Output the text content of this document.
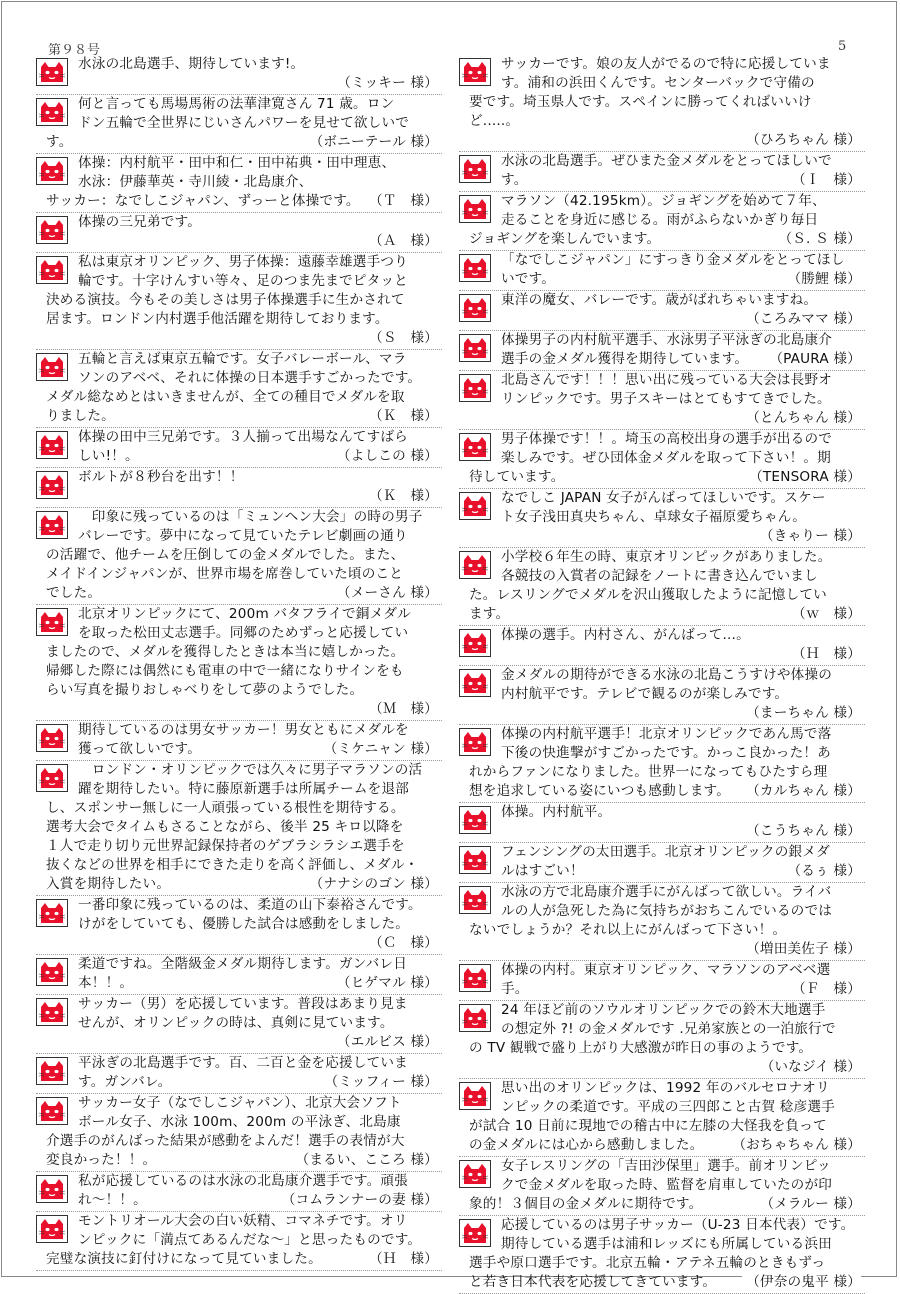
第９８号	5
水泳の北島選手、期待しています!。
（ミッキー 様）
何と言っても馬場馬術の法華津寛さん 71 歳。ロン
ドン五輪で全世界にじいさんパワーを見せて欲しいで
す。	（ボニーテール 様）
体操：内村航平・田中和仁・田中祐典・田中理恵、
水泳：伊藤華英・寺川綾・北島康介、
サッカー：なでしこジャパン、ずっーと体操です。 （Ｔ　様）
体操の三兄弟です。
（Ａ　様）
私は東京オリンピック、男子体操：遠藤幸雄選手つり
輪です。十字けんすい等々、足のつま先までピタッと
決める演技。今もその美しさは男子体操選手に生かされて
居ます。ロンドン内村選手他活躍を期待しております。
（Ｓ　様）
五輪と言えば東京五輪です。女子バレーボール、マラ
ソンのアベベ、それに体操の日本選手すごかったです。
メダル総なめとはいきませんが、全ての種目でメダルを取
りました。	（Ｋ　様）
体操の田中三兄弟です。３人揃って出場なんてすばら
しい!！。	（よしこの 様）
ボルトが８秒台を出す！！
（Ｋ　様）
　印象に残っているのは「ミュンヘン大会」の時の男子
バレーです。夢中になって見ていたテレビ劇画の通り
の活躍で、他チームを圧倒しての金メダルでした。また、
メイドインジャパンが、世界市場を席巻していた頃のこと
でした。	（メーさん 様）
北京オリンピックにて、200m バタフライで銅メダル
を取った松田丈志選手。同郷のためずっと応援してい
ましたので、メダルを獲得したときは本当に嬉しかった。
帰郷した際には偶然にも電車の中で一緒になりサインをも
らい写真を撮りおしゃべりをして夢のようでした。
（Ｍ　様）
期待しているのは男女サッカー！男女ともにメダルを
獲って欲しいです。	（ミケニャン 様）
　ロンドン・オリンピックでは久々に男子マラソンの活
躍を期待したい。特に藤原新選手は所属チームを退部
し、スポンサー無しに一人頑張っている根性を期待する。
選考大会でタイムもさることながら、後半 25 キロ以降を
１人で走り切り元世界記録保持者のゲブラシラシエ選手を
抜くなどの世界を相手にできた走りを高く評価し、メダル・
入賞を期待したい。	（ナナシのゴン 様）
一番印象に残っているのは、柔道の山下泰裕さんです。
けがをしていても、優勝した試合は感動をしました。
（Ｃ　様）
柔道ですね。全階級金メダル期待します。ガンバレ日
本！！。	（ヒゲマル 様）
サッカー（男）を応援しています。普段はあまり見ま
せんが、オリンピックの時は、真剣に見ています。
（エルビス 様）
平泳ぎの北島選手です。百、二百と金を応援していま
す。ガンバレ。	（ミッフィー 様）
サッカー女子（なでしこジャパン）、北京大会ソフト
ボール女子、水泳 100m、200m の平泳ぎ、北島康
介選手のがんばった結果が感動をよんだ！選手の表情が大
変良かった！！。	（まるい、こころ 様）
私が応援しているのは水泳の北島康介選手です。頑張
れ～！！。	（コムランナーの妻 様）
モントリオール大会の白い妖精、コマネチです。オリ
ンピックに「満点てあるんだな～」と思ったものです。
完璧な演技に釘付けになって見ていました。	（Ｈ　様）
サッカーです。娘の友人がでるので特に応援していま
す。浦和の浜田くんです。センターバックで守備の
要です。埼玉県人です。スペインに勝ってくればいいけ
ど.....。
（ひろちゃん 様）
水泳の北島選手。ぜひまた金メダルをとってほしいで
す。	（Ｉ　様）
マラソン（42.195km）。ジョギングを始めて７年、
走ることを身近に感じる。雨がふらないかぎり毎日
ジョギングを楽しんでいます。	（Ｓ. Ｓ 様）
「なでしこジャパン」にすっきり金メダルをとってほし
いです。	（勝鯉 様）
東洋の魔女、バレーです。歳がばれちゃいますね。
（ころみママ 様）
体操男子の内村航平選手、水泳男子平泳ぎの北島康介
選手の金メダル獲得を期待しています。	（PAURA 様）
北島さんです！！！思い出に残っている大会は長野オ
リンピックです。男子スキーはとてもすてきでした。
（とんちゃん 様）
男子体操です！！。埼玉の高校出身の選手が出るので
楽しみです。ぜひ団体金メダルを取って下さい！。期
待しています。	（TENSORA 様）
なでしこ JAPAN 女子がんばってほしいです。スケー
ト女子浅田真央ちゃん、卓球女子福原愛ちゃん。
（きゃりー 様）
小学校６年生の時、東京オリンピックがありました。
各競技の入賞者の記録をノートに書き込んでいまし
た。レスリングでメダルを沢山獲取したように記憶してい
ます。	（ｗ　様）
体操の選手。内村さん、がんばって...。
（Ｈ　様）
金メダルの期待ができる水泳の北島こうすけや体操の
内村航平です。テレビで観るのが楽しみです。
（まーちゃん 様）
体操の内村航平選手！北京オリンピックであん馬で落
下後の快進撃がすごかったです。かっこ良かった！あ
れからファンになりました。世界一になってもひたすら理
想を追求している姿にいつも感動します。	（カルちゃん 様）
体操。内村航平。
（こうちゃん 様）
フェンシングの太田選手。北京オリンピックの銀メダ
ルはすごい！	（るぅ 様）
水泳の方で北島康介選手にがんばって欲しい。ライバ
ルの人が急死した為に気持ちがおちこんでいるのでは
ないでしょうか？それ以上にがんばって下さい！。
（増田美佐子 様）
体操の内村。東京オリンピック、マラソンのアベベ選
手。	（Ｆ　様）
24 年ほど前のソウルオリンピックでの鈴木大地選手
の想定外 ?! の金メダルです .兄弟家族との一泊旅行で
の TV 観戦で盛り上がり大感激が昨日の事のようです。
（いなジイ 様）
思い出のオリンピックは、1992 年のバルセロナオリ
ンピックの柔道です。平成の三四郎こと古賀 稔彦選手
が試合 10 日前に現地での稽古中に左膝の大怪我を負って
の金メダルには心から感動しました。	（おちゃちゃん 様）
女子レスリングの「吉田沙保里」選手。前オリンピッ
クで金メダルを取った時、監督を肩車していたのが印
象的！３個目の金メダルに期待です。	（メラルー 様）
応援しているのは男子サッカー（U-23 日本代表）です。
期待している選手は浦和レッズにも所属している浜田
選手や原口選手です。北京五輪・アテネ五輪のときもずっ
と若き日本代表を応援してきています。	（伊奈の鬼平 様）
